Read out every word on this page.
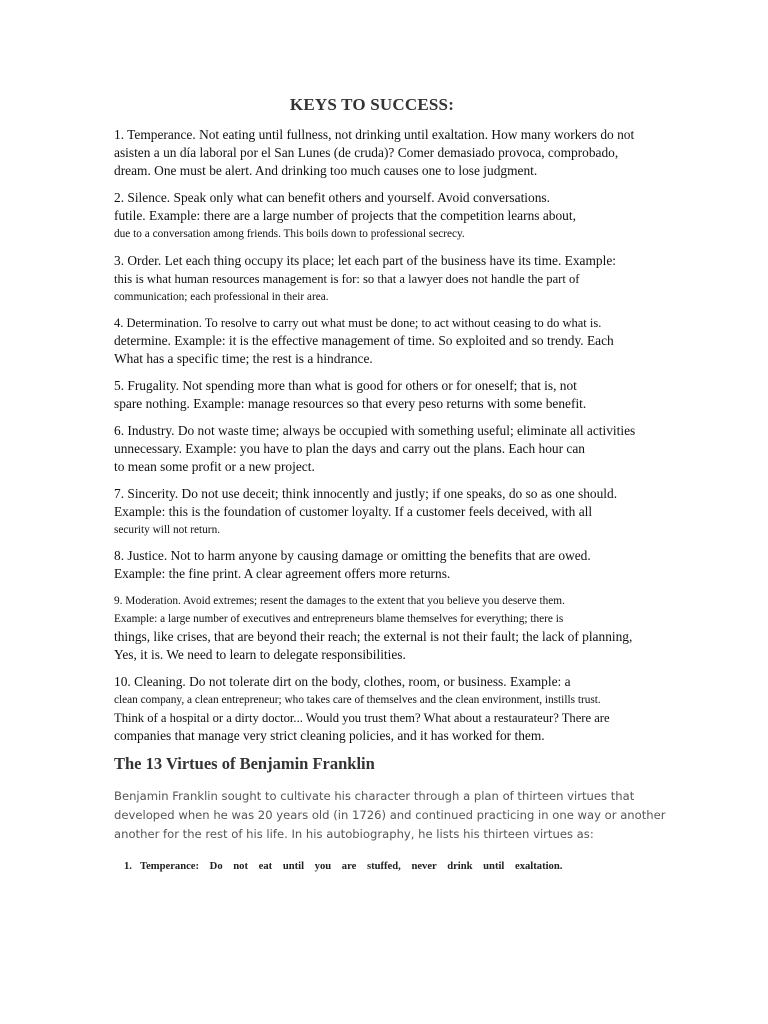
KEYS TO SUCCESS:

1. Temperance. Not eating until fullness, not drinking until exaltation. How many workers do not
asisten a un día laboral por el San Lunes (de cruda)? Comer demasiado provoca, comprobado,
dream. One must be alert. And drinking too much causes one to lose judgment.

2. Silence. Speak only what can benefit others and yourself. Avoid conversations.
futile. Example: there are a large number of projects that the competition learns about,
due to a conversation among friends. This boils down to professional secrecy.

3. Order. Let each thing occupy its place; let each part of the business have its time. Example:
this is what human resources management is for: so that a lawyer does not handle the part of
communication; each professional in their area.

4. Determination. To resolve to carry out what must be done; to act without ceasing to do what is.
determine. Example: it is the effective management of time. So exploited and so trendy. Each
What has a specific time; the rest is a hindrance.

5. Frugality. Not spending more than what is good for others or for oneself; that is, not
spare nothing. Example: manage resources so that every peso returns with some benefit.

6. Industry. Do not waste time; always be occupied with something useful; eliminate all activities
unnecessary. Example: you have to plan the days and carry out the plans. Each hour can
to mean some profit or a new project.

7. Sincerity. Do not use deceit; think innocently and justly; if one speaks, do so as one should.
Example: this is the foundation of customer loyalty. If a customer feels deceived, with all
security will not return.

8. Justice. Not to harm anyone by causing damage or omitting the benefits that are owed.
Example: the fine print. A clear agreement offers more returns.

9. Moderation. Avoid extremes; resent the damages to the extent that you believe you deserve them.
Example: a large number of executives and entrepreneurs blame themselves for everything; there is
things, like crises, that are beyond their reach; the external is not their fault; the lack of planning,
Yes, it is. We need to learn to delegate responsibilities.

10. Cleaning. Do not tolerate dirt on the body, clothes, room, or business. Example: a
clean company, a clean entrepreneur; who takes care of themselves and the clean environment, instills trust.
Think of a hospital or a dirty doctor... Would you trust them? What about a restaurateur? There are
companies that manage very strict cleaning policies, and it has worked for them.

The 13 Virtues of Benjamin Franklin

Benjamin Franklin sought to cultivate his character through a plan of thirteen virtues that
developed when he was 20 years old (in 1726) and continued practicing in one way or another
another for the rest of his life. In his autobiography, he lists his thirteen virtues as:

1. Temperance: Do not eat until you are stuffed, never drink until exaltation.
